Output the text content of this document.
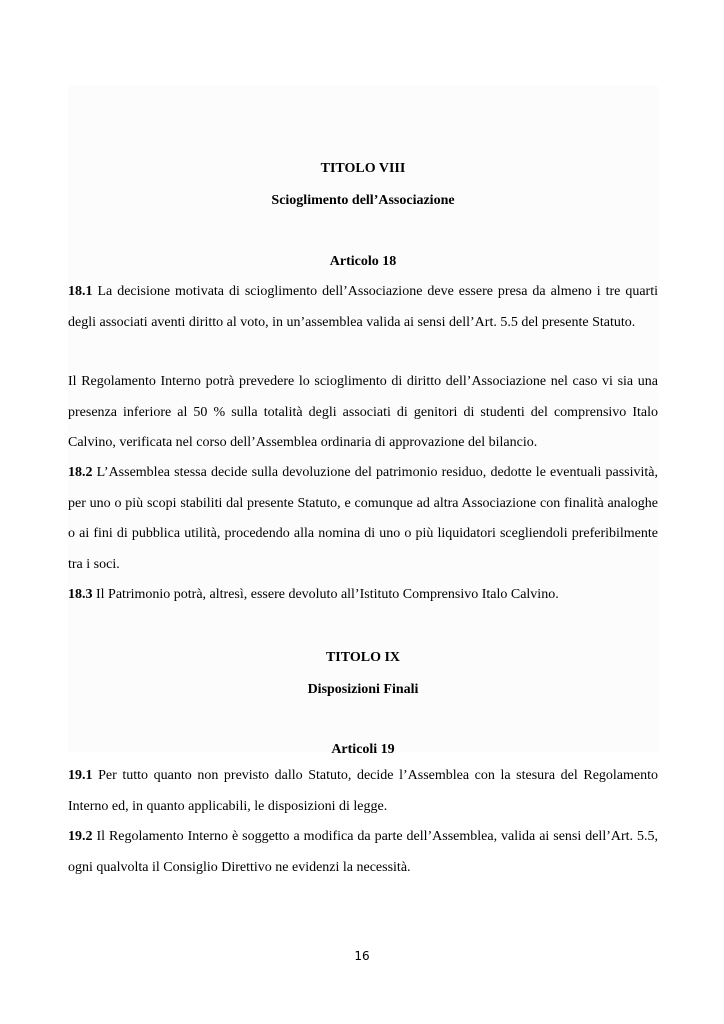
TITOLO VIII
Scioglimento dell’Associazione
Articolo 18
18.1 La decisione motivata di scioglimento dell’Associazione deve essere presa da almeno i tre quarti degli associati aventi diritto al voto, in un’assemblea valida ai sensi dell’Art. 5.5 del presente Statuto.
Il Regolamento Interno potrà prevedere lo scioglimento di diritto dell’Associazione nel caso vi sia una presenza inferiore al 50 % sulla totalità degli associati di genitori di studenti del comprensivo Italo Calvino, verificata nel corso dell’Assemblea ordinaria di approvazione del bilancio.
18.2 L’Assemblea stessa decide sulla devoluzione del patrimonio residuo, dedotte le eventuali passività, per uno o più scopi stabiliti dal presente Statuto, e comunque ad altra Associazione con finalità analoghe o ai fini di pubblica utilità, procedendo alla nomina di uno o più liquidatori scegliendoli preferibilmente tra i soci.
18.3 Il Patrimonio potrà, altresì, essere devoluto all’Istituto Comprensivo Italo Calvino.
TITOLO IX
Disposizioni Finali
Articoli 19
19.1 Per tutto quanto non previsto dallo Statuto, decide l’Assemblea con la stesura del Regolamento Interno ed, in quanto applicabili, le disposizioni di legge.
19.2 Il Regolamento Interno è soggetto a modifica da parte dell’Assemblea, valida ai sensi dell’Art. 5.5, ogni qualvolta il Consiglio Direttivo ne evidenzi la necessità.
16
